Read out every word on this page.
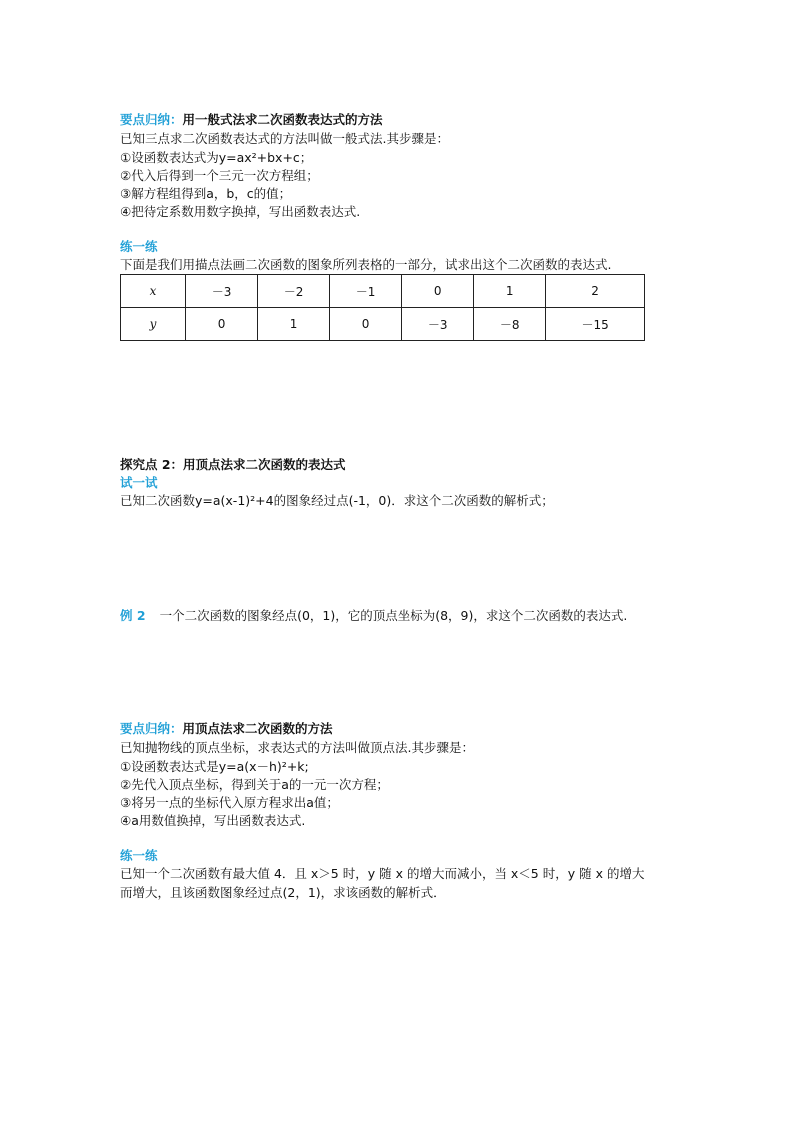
要点归纳：用一般式法求二次函数表达式的方法
已知三点求二次函数表达式的方法叫做一般式法.其步骤是：
①设函数表达式为y=ax²+bx+c；
②代入后得到一个三元一次方程组；
③解方程组得到a，b，c的值；
④把待定系数用数字换掉，写出函数表达式.
练一练
下面是我们用描点法画二次函数的图象所列表格的一部分，试求出这个二次函数的表达式.
x	－3	－2	－1	0	1	2
y	0	1	0	－3	－8	－15
探究点 2：用顶点法求二次函数的表达式
试一试
已知二次函数y=a(x-1)²+4的图象经过点(-1，0)．求这个二次函数的解析式；
例 2 一个二次函数的图象经点(0，1)，它的顶点坐标为(8，9)，求这个二次函数的表达式.
要点归纳：用顶点法求二次函数的方法
已知抛物线的顶点坐标，求表达式的方法叫做顶点法.其步骤是：
①设函数表达式是y=a(x－h)²+k;
②先代入顶点坐标，得到关于a的一元一次方程；
③将另一点的坐标代入原方程求出a值；
④a用数值换掉，写出函数表达式.
练一练
已知一个二次函数有最大值 4．且 x＞5 时，y 随 x 的增大而减小，当 x＜5 时，y 随 x 的增大
而增大，且该函数图象经过点(2，1)，求该函数的解析式．
